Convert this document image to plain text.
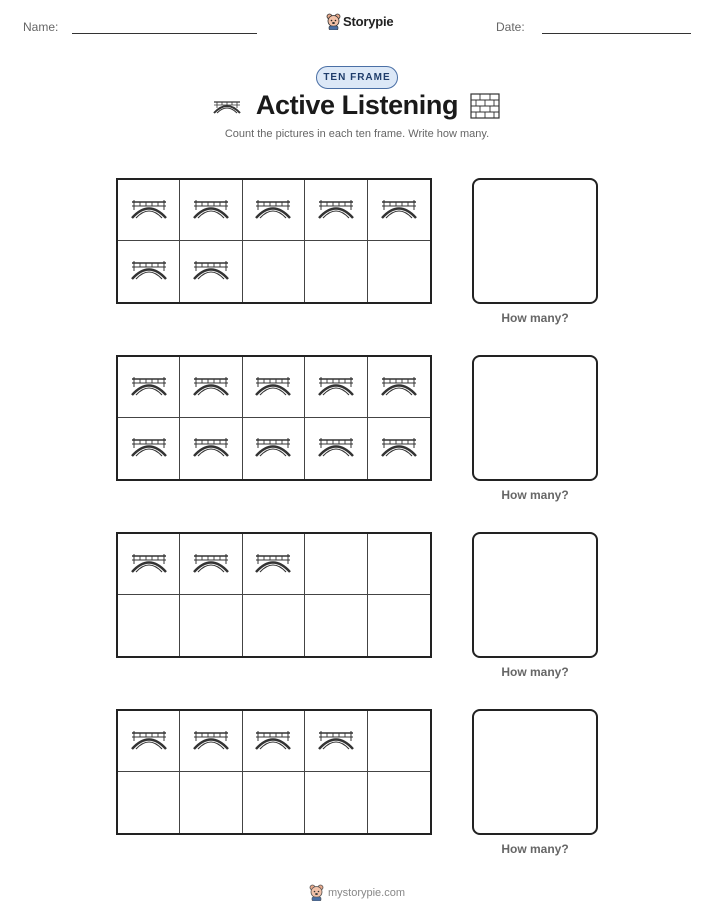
Name:	Storypie	Date:
TEN FRAME
Active Listening
Count the pictures in each ten frame. Write how many.
How many?
How many?
How many?
How many?
mystorypie.com
